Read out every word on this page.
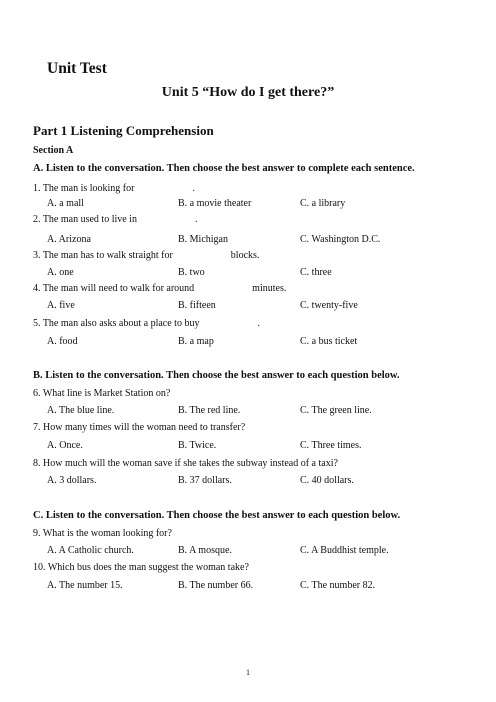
Unit Test
Unit 5 “How do I get there?”
Part 1 Listening Comprehension
Section A
A. Listen to the conversation. Then choose the best answer to complete each sentence.
1. The man is looking for	.
A. a mall	B. a movie theater	C. a library
2. The man used to live in	.
A. Arizona	B. Michigan	C. Washington D.C.
3. The man has to walk straight for	blocks.
A. one	B. two	C. three
4. The man will need to walk for around	minutes.
A. five	B. fifteen	C. twenty-five
5. The man also asks about a place to buy	.
A. food	B. a map	C. a bus ticket
B. Listen to the conversation. Then choose the best answer to each question below.
6. What line is Market Station on?
A. The blue line.	B. The red line.	C. The green line.
7. How many times will the woman need to transfer?
A. Once.	B. Twice.	C. Three times.
8. How much will the woman save if she takes the subway instead of a taxi?
A. 3 dollars.	B. 37 dollars.	C. 40 dollars.
C. Listen to the conversation. Then choose the best answer to each question below.
9. What is the woman looking for?
A. A Catholic church.	B. A mosque.	C. A Buddhist temple.
10. Which bus does the man suggest the woman take?
A. The number 15.	B. The number 66.	C. The number 82.
1
